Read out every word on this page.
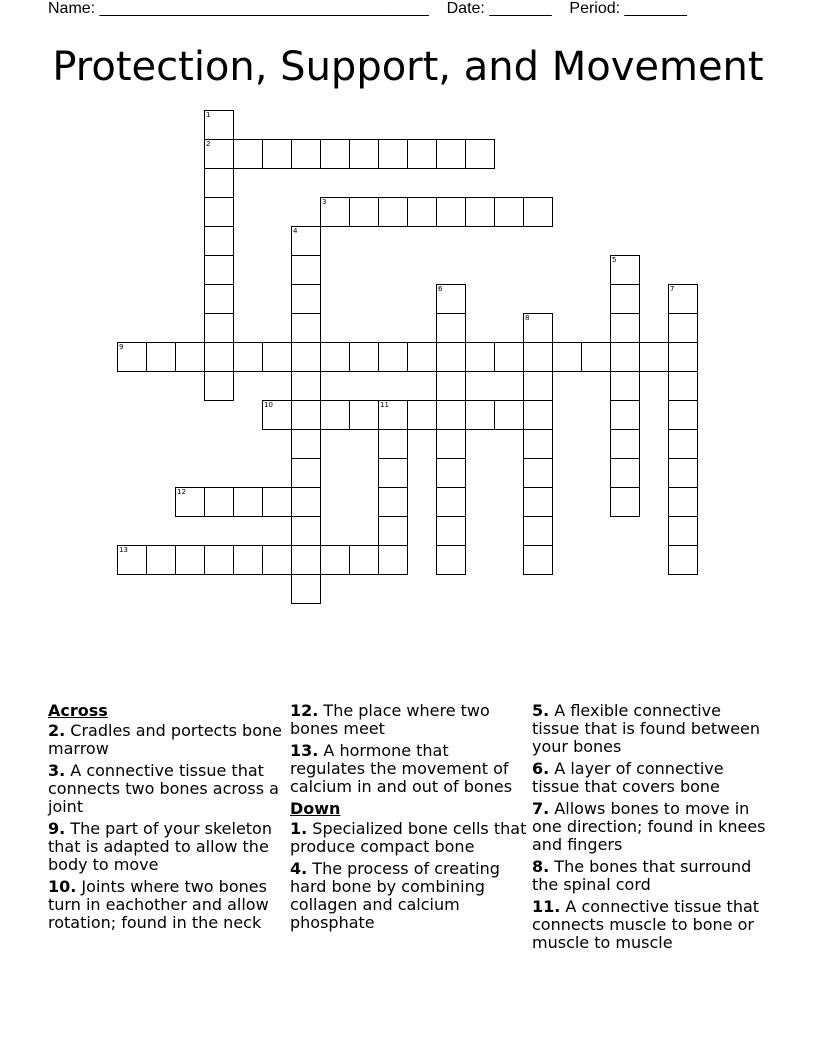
Name: _____________________________________ Date: _______ Period: _______
Protection, Support, and Movement
1
2
3
4
5
6	7
8
9
10	11
12
13
Across
2. Cradles and portects bone marrow
3. A connective tissue that connects two bones across a joint
9. The part of your skeleton that is adapted to allow the body to move
10. Joints where two bones turn in eachother and allow rotation; found in the neck
12. The place where two bones meet
13. A hormone that regulates the movement of calcium in and out of bones
Down
1. Specialized bone cells that produce compact bone
4. The process of creating hard bone by combining collagen and calcium phosphate
5. A flexible connective tissue that is found between your bones
6. A layer of connective tissue that covers bone
7. Allows bones to move in one direction; found in knees and fingers
8. The bones that surround the spinal cord
11. A connective tissue that connects muscle to bone or muscle to muscle
